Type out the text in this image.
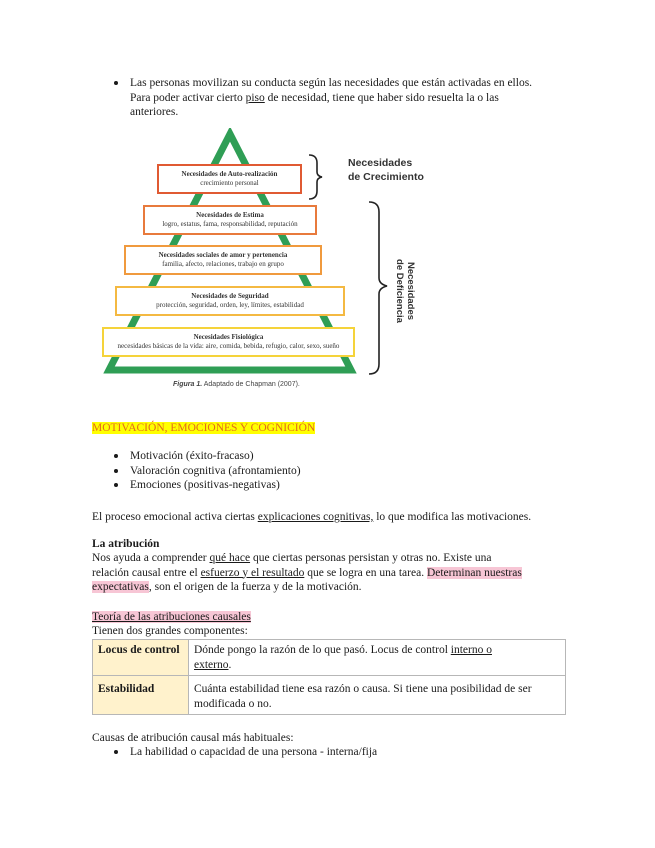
Las personas movilizan su conducta según las necesidades que están activadas en ellos.
Para poder activar cierto piso de necesidad, tiene que haber sido resuelta la o las
anteriores.
Necesidades de Auto-realización
crecimiento personal
Necesidades de Estima
logro, estatus, fama, responsabilidad, reputación
Necesidades sociales de amor y pertenencia
familia, afecto, relaciones, trabajo en grupo
Necesidades de Seguridad
protección, seguridad, orden, ley, límites, estabilidad
Necesidades Fisiológica
necesidades básicas de la vida: aire, comida, bebida, refugio, calor, sexo, sueño
Necesidades
de Crecimiento
Necesidades
de Deficiencia
Figura 1. Adaptado de Chapman (2007).
MOTIVACIÓN, EMOCIONES Y COGNICIÓN
Motivación (éxito-fracaso)
Valoración cognitiva (afrontamiento)
Emociones (positivas-negativas)
El proceso emocional activa ciertas explicaciones cognitivas, lo que modifica las motivaciones.
La atribución
Nos ayuda a comprender qué hace que ciertas personas persistan y otras no. Existe una
relación causal entre el esfuerzo y el resultado que se logra en una tarea. Determinan nuestras
expectativas, son el origen de la fuerza y de la motivación.
Teoría de las atribuciones causales
Tienen dos grandes componentes:
Locus de control	Dónde pongo la razón de lo que pasó. Locus de control interno o
externo.
Estabilidad	Cuánta estabilidad tiene esa razón o causa. Si tiene una posibilidad de ser modificada o no.
Causas de atribución causal más habituales:
La habilidad o capacidad de una persona - interna/fija
